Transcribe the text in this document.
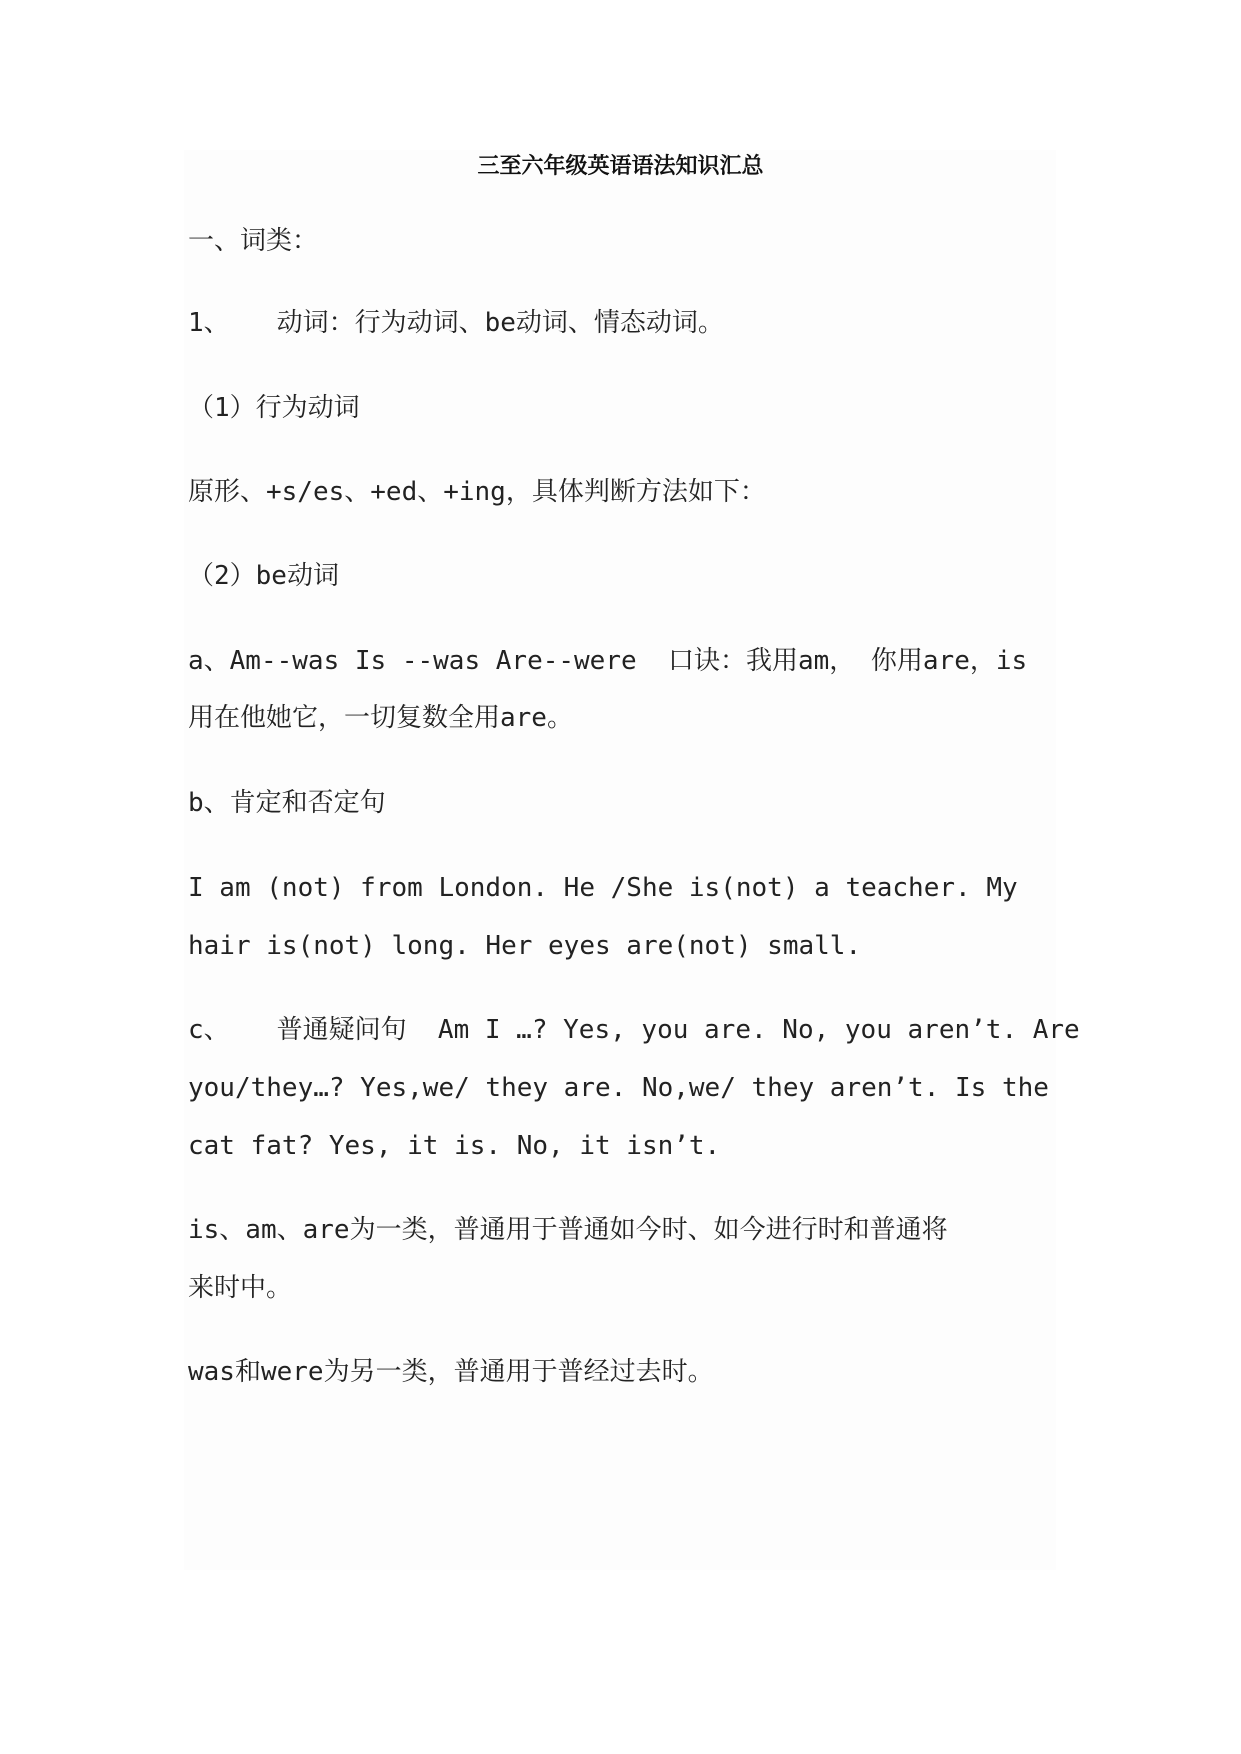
三至六年级英语语法知识汇总

一、词类：

1、   动词：行为动词、be动词、情态动词。

（1）行为动词

原形、+s/es、+ed、+ing，具体判断方法如下：

（2）be动词

a、Am--was Is --was Are--were  口诀：我用am， 你用are，is

用在他她它，一切复数全用are。

b、肯定和否定句

I am (not) from London. He /She is(not) a teacher. My

hair is(not) long. Her eyes are(not) small.

c、   普通疑问句  Am I …? Yes, you are. No, you aren’t. Are

you/they…? Yes,we/ they are. No,we/ they aren’t. Is the

cat fat? Yes, it is. No, it isn’t.

is、am、are为一类，普通用于普通如今时、如今进行时和普通将

来时中。

was和were为另一类，普通用于普经过去时。
